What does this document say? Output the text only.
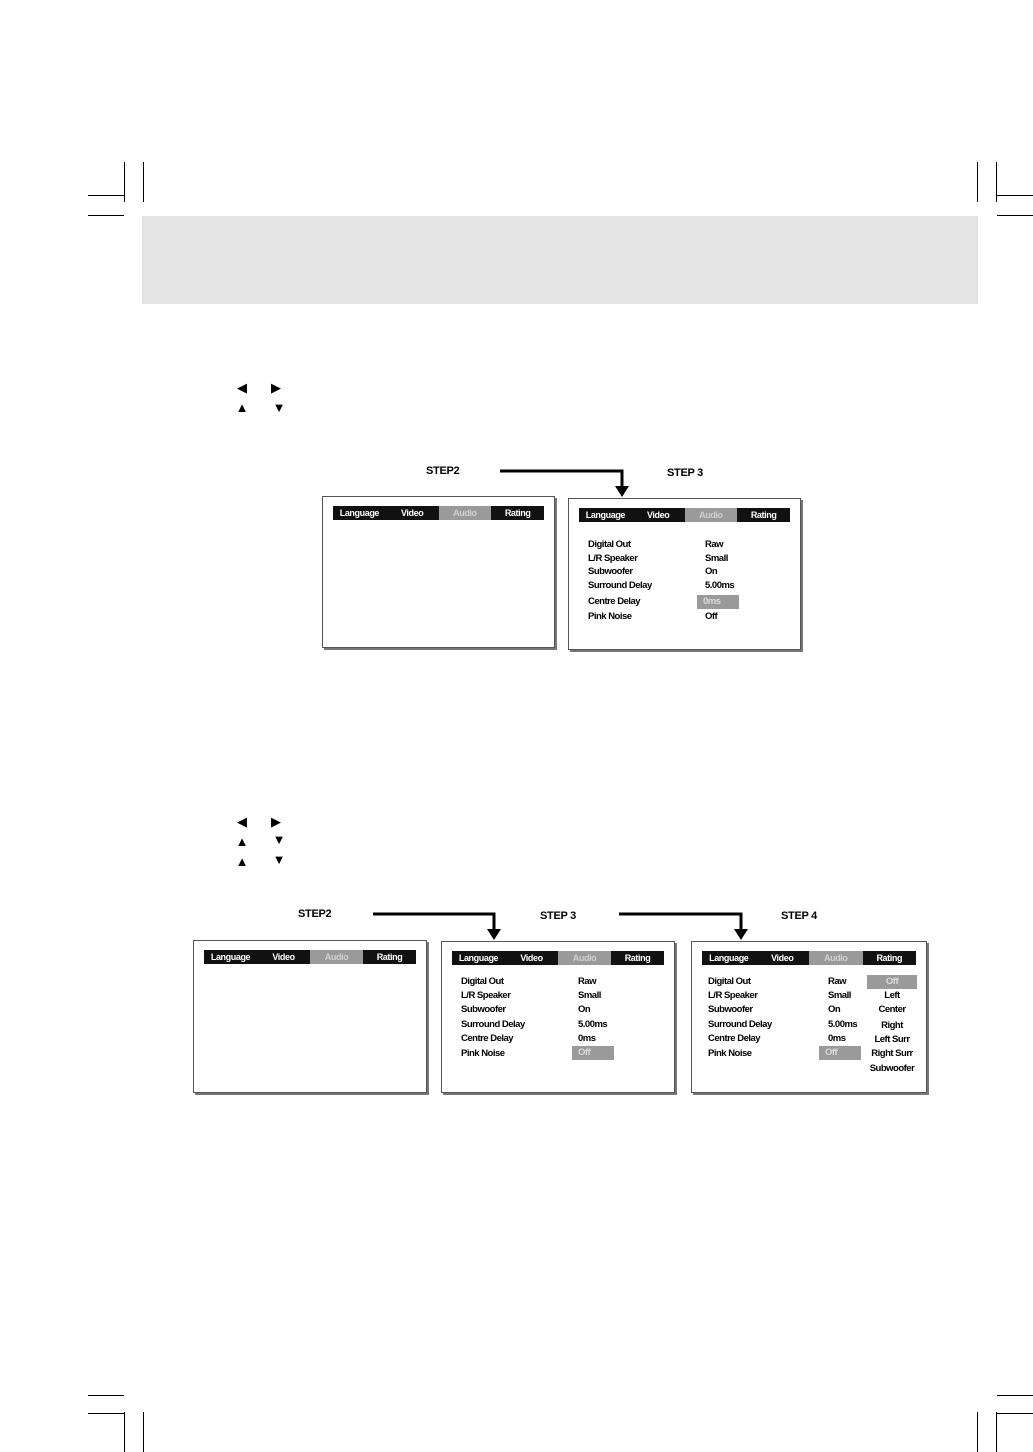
◀ ▶
▲ ▼
STEP2	STEP 3
Language	Video	Audio	Rating	Language	Video	Audio	Rating
Digital Out	Raw
L/R Speaker	Small
Subwoofer	On
Surround Delay	5.00ms
Centre Delay	0ms
Pink Noise	Off
◀ ▶
▲ ▼
▲ ▼
STEP2	STEP 3	STEP 4
Language	Video	Audio	Rating	Language	Video	Audio	Rating
Digital Out	Raw
L/R Speaker	Small
Subwoofer	On
Surround Delay	5.00ms
Centre Delay	0ms
Pink Noise	Off
Language	Video	Audio	Rating
Digital Out	Raw
L/R Speaker	Small
Subwoofer	On
Surround Delay	5.00ms
Centre Delay	0ms
Pink Noise	Off
Off
Left
Center
Right
Left Surr
Right Surr
Subwoofer
